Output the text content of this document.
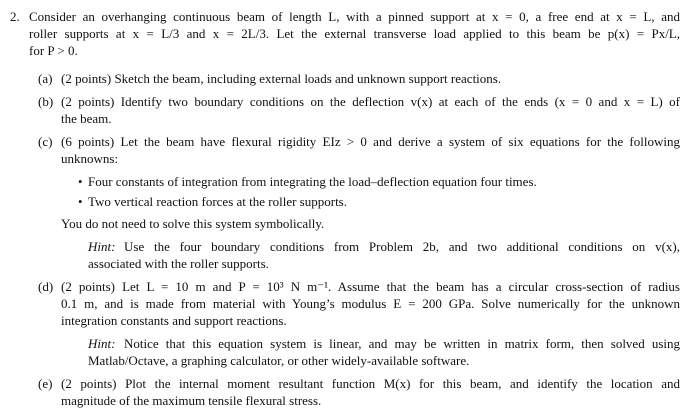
2. Consider an overhanging continuous beam of length L, with a pinned support at x = 0, a free end at x = L, and
roller supports at x = L/3 and x = 2L/3. Let the external transverse load applied to this beam be p(x) = Px/L,
for P > 0.
(a) (2 points) Sketch the beam, including external loads and unknown support reactions.
(b) (2 points) Identify two boundary conditions on the deflection v(x) at each of the ends (x = 0 and x = L) of
the beam.
(c) (6 points) Let the beam have flexural rigidity EIz > 0 and derive a system of six equations for the following
unknowns:
• Four constants of integration from integrating the load–deflection equation four times.
• Two vertical reaction forces at the roller supports.
You do not need to solve this system symbolically.
Hint: Use the four boundary conditions from Problem 2b, and two additional conditions on v(x),
associated with the roller supports.
(d) (2 points) Let L = 10 m and P = 10³ N m⁻¹. Assume that the beam has a circular cross-section of radius
0.1 m, and is made from material with Young’s modulus E = 200 GPa. Solve numerically for the unknown
integration constants and support reactions.
Hint: Notice that this equation system is linear, and may be written in matrix form, then solved using
Matlab/Octave, a graphing calculator, or other widely-available software.
(e) (2 points) Plot the internal moment resultant function M(x) for this beam, and identify the location and
magnitude of the maximum tensile flexural stress.
